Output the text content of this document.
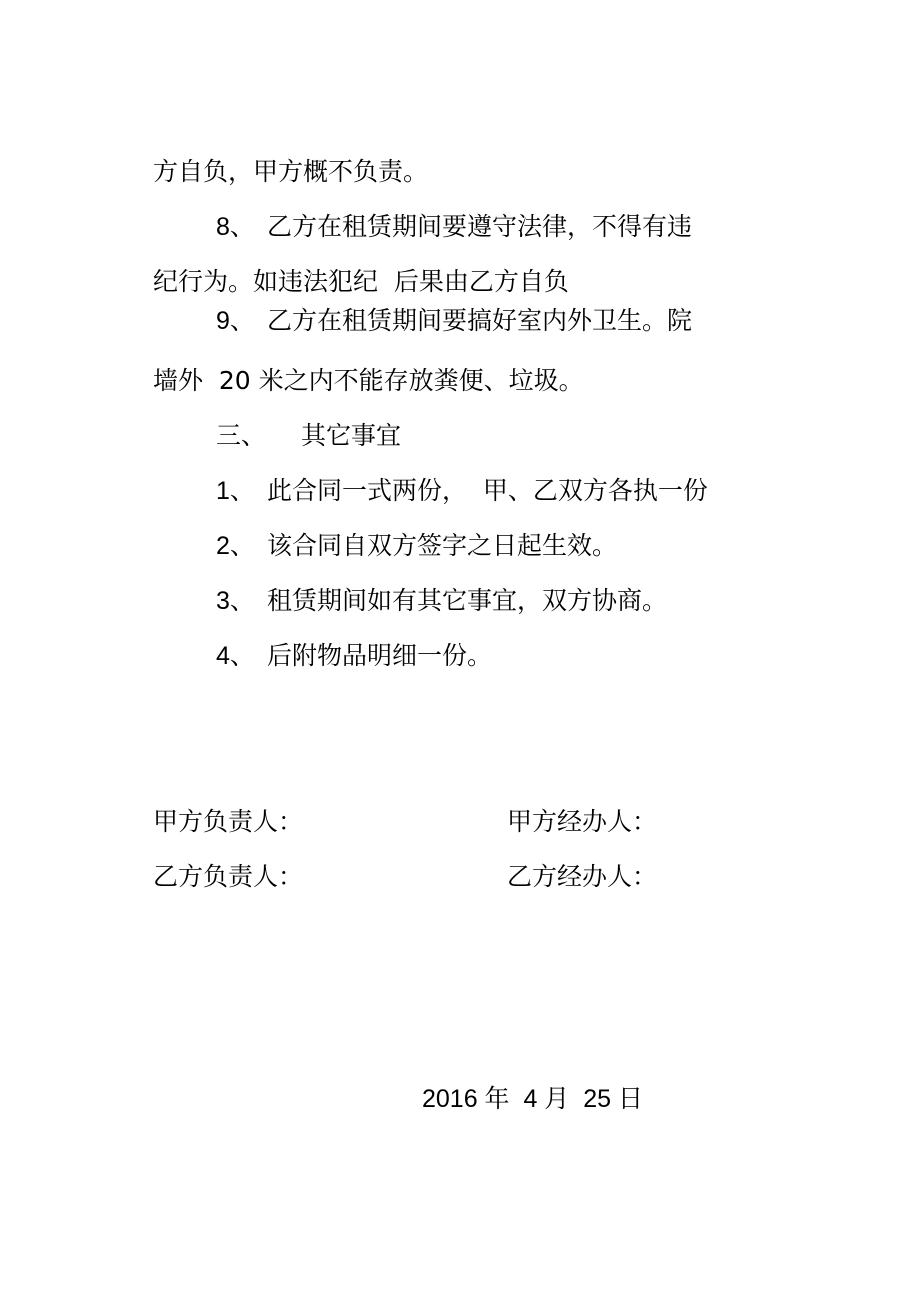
方自负，甲方概不负责。

8、 乙方在租赁期间要遵守法律，不得有违

纪行为。如违法犯纪  后果由乙方自负

9、 乙方在租赁期间要搞好室内外卫生。院

墙外  20 米之内不能存放粪便、垃圾。

三、 其它事宜

1、 此合同一式两份，  甲、乙双方各执一份

2、 该合同自双方签字之日起生效。

3、 租赁期间如有其它事宜，双方协商。

4、 后附物品明细一份。

甲方负责人：	甲方经办人：

乙方负责人：	乙方经办人：

2016 年  4 月  25 日
